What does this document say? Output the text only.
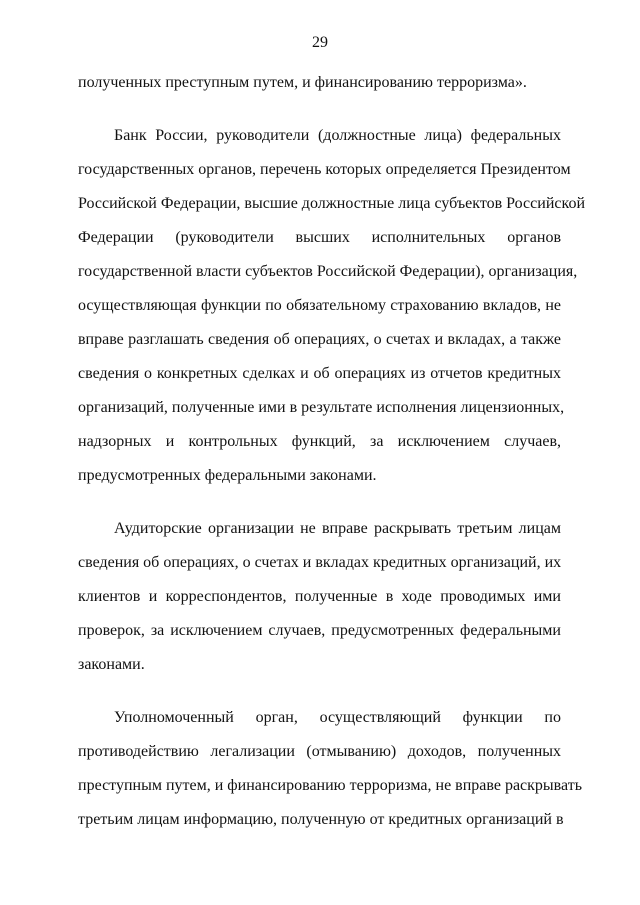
29
полученных преступным путем, и финансированию терроризма».
Банк России, руководители (должностные лица) федеральных
государственных органов, перечень которых определяется Президентом
Российской Федерации, высшие должностные лица субъектов Российской
Федерации (руководители высших исполнительных органов
государственной власти субъектов Российской Федерации), организация,
осуществляющая функции по обязательному страхованию вкладов, не
вправе разглашать сведения об операциях, о счетах и вкладах, а также
сведения о конкретных сделках и об операциях из отчетов кредитных
организаций, полученные ими в результате исполнения лицензионных,
надзорных и контрольных функций, за исключением случаев,
предусмотренных федеральными законами.
Аудиторские организации не вправе раскрывать третьим лицам
сведения об операциях, о счетах и вкладах кредитных организаций, их
клиентов и корреспондентов, полученные в ходе проводимых ими
проверок, за исключением случаев, предусмотренных федеральными
законами.
Уполномоченный орган, осуществляющий функции по
противодействию легализации (отмыванию) доходов, полученных
преступным путем, и финансированию терроризма, не вправе раскрывать
третьим лицам информацию, полученную от кредитных организаций в
